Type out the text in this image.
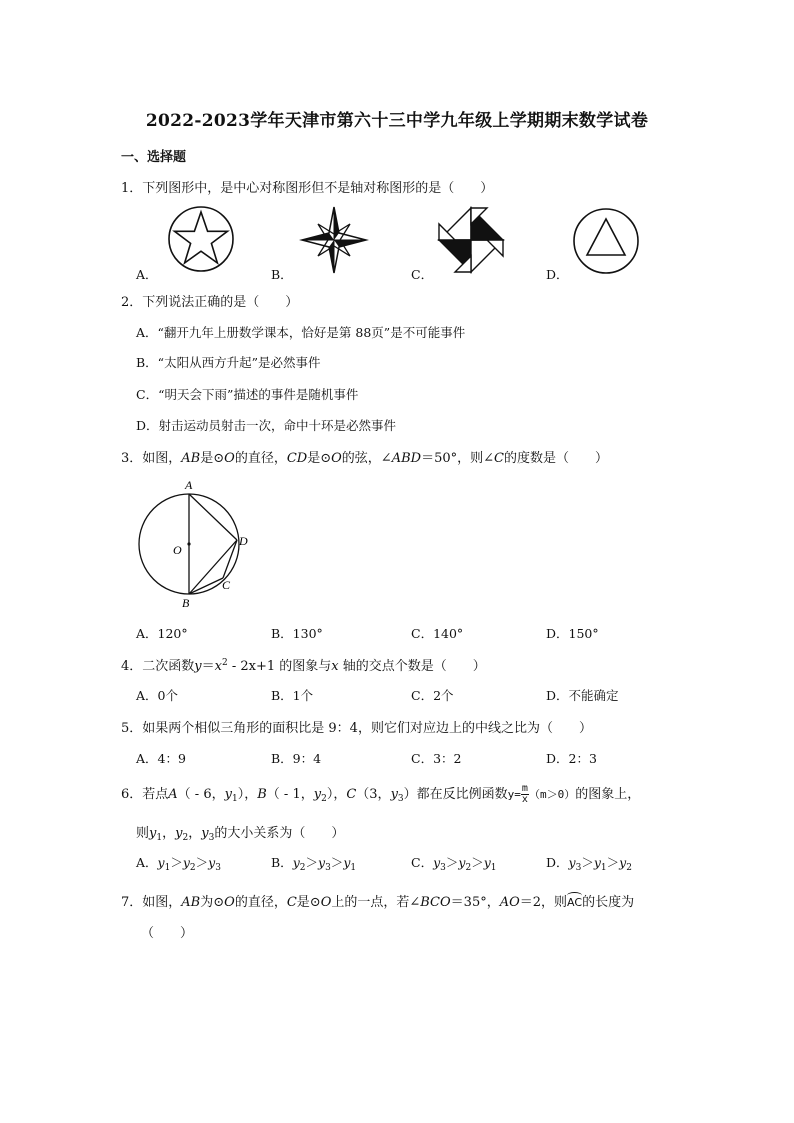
2022-2023学年天津市第六十三中学九年级上学期期末数学试卷
一、选择题
1．下列图形中，是中心对称图形但不是轴对称图形的是（　　）
A．	B．	C．	D．
2．下列说法正确的是（　　）
A．“翻开九年上册数学课本，恰好是第 88页”是不可能事件
B．“太阳从西方升起”是必然事件
C．“明天会下雨”描述的事件是随机事件
D．射击运动员射击一次，命中十环是必然事件
3．如图，AB是⊙O的直径，CD是⊙O的弦，∠ABD＝50°，则∠C的度数是（　　）
A
B
C
D
O
A．120°	B．130°	C．140°	D．150°
4．二次函数$y=x^2 - 2x+1$ 的图象与x 轴的交点个数是（　　）
A．0个	B．1个	C．2个	D．不能确定
5．如果两个相似三角形的面积比是 9：4，则它们对应边上的中线之比为（　　）
A．4：9	B．9：4	C．3：2	D．2：3
6．若点A（ - 6，$y_1$），B（ - 1，$y_2$），C（3，$y_3$）都在反比例函数$y= \frac{m}{x} (m>0)$的图象上，
则$y_1$，$y_2$，$y_3$的大小关系为（　　）
A．$y_1>y_2>y_3$	B．$y_2>y_3>y_1$	C．$y_3>y_2>y_1$	D．$y_3>y_1>y_2$
7．如图，AB为⊙O的直径，C是⊙O上的一点，若∠BCO＝35°，AO＝2，则AC的长度为
（　　）
